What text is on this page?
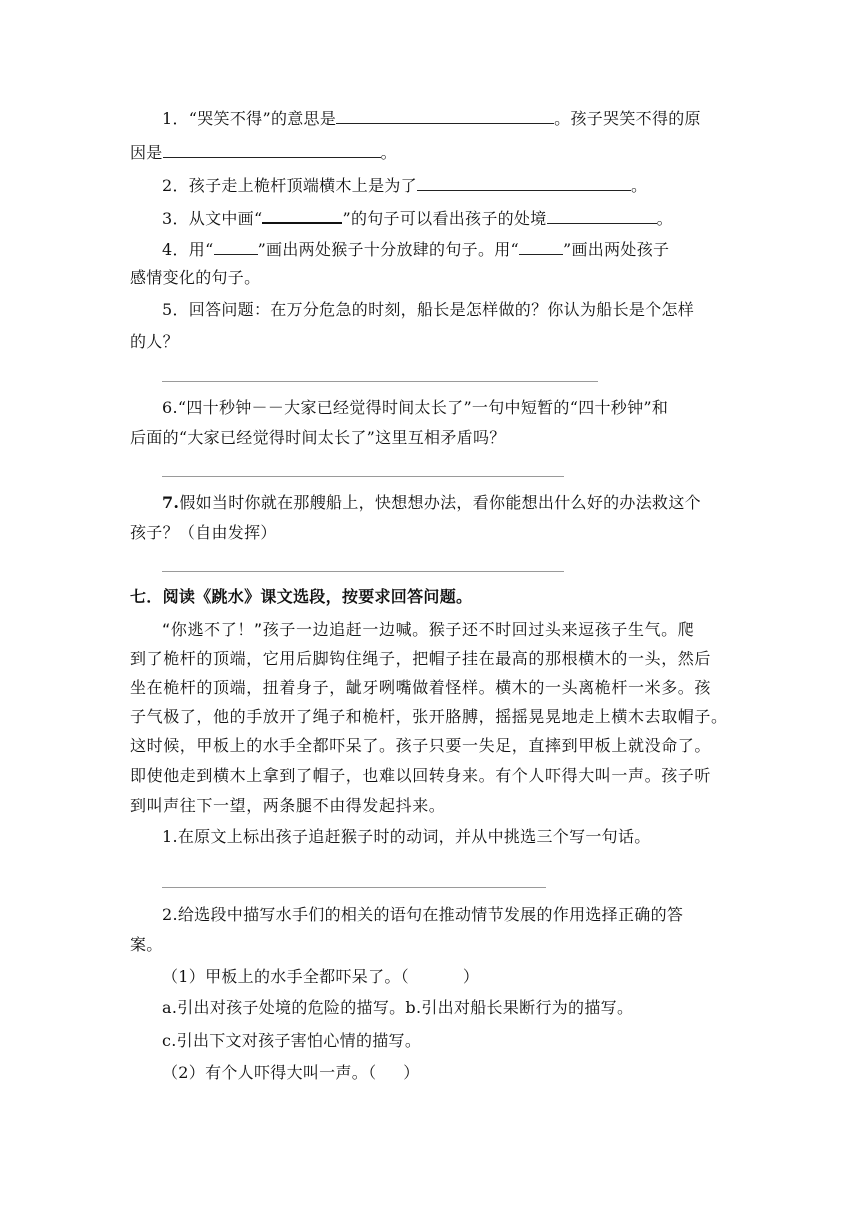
1．“哭笑不得”的意思是	。孩子哭笑不得的原
因是	。
2．孩子走上桅杆顶端横木上是为了	。
3．从文中画“	”的句子可以看出孩子的处境	。
4．用“	”画出两处猴子十分放肆的句子。用“	”画出两处孩子
感情变化的句子。
5．回答问题：在万分危急的时刻，船长是怎样做的？你认为船长是个怎样
的人？
6.“四十秒钟－－大家已经觉得时间太长了”一句中短暂的“四十秒钟”和
后面的“大家已经觉得时间太长了”这里互相矛盾吗？
7.假如当时你就在那艘船上，快想想办法，看你能想出什么好的办法救这个
孩子？（自由发挥）
七．阅读《跳水》课文选段，按要求回答问题。
“你逃不了！”孩子一边追赶一边喊。猴子还不时回过头来逗孩子生气。爬
到了桅杆的顶端，它用后脚钩住绳子，把帽子挂在最高的那根横木的一头，然后
坐在桅杆的顶端，扭着身子，龇牙咧嘴做着怪样。横木的一头离桅杆一米多。孩
子气极了，他的手放开了绳子和桅杆，张开胳膊，摇摇晃晃地走上横木去取帽子。
这时候，甲板上的水手全都吓呆了。孩子只要一失足，直摔到甲板上就没命了。
即使他走到横木上拿到了帽子，也难以回转身来。有个人吓得大叫一声。孩子听
到叫声往下一望，两条腿不由得发起抖来。
1.在原文上标出孩子追赶猴子时的动词，并从中挑选三个写一句话。
2.给选段中描写水手们的相关的语句在推动情节发展的作用选择正确的答
案。
（1）甲板上的水手全都吓呆了。（          ）
a.引出对孩子处境的危险的描写。b.引出对船长果断行为的描写。
c.引出下文对孩子害怕心情的描写。
（2）有个人吓得大叫一声。（     ）
